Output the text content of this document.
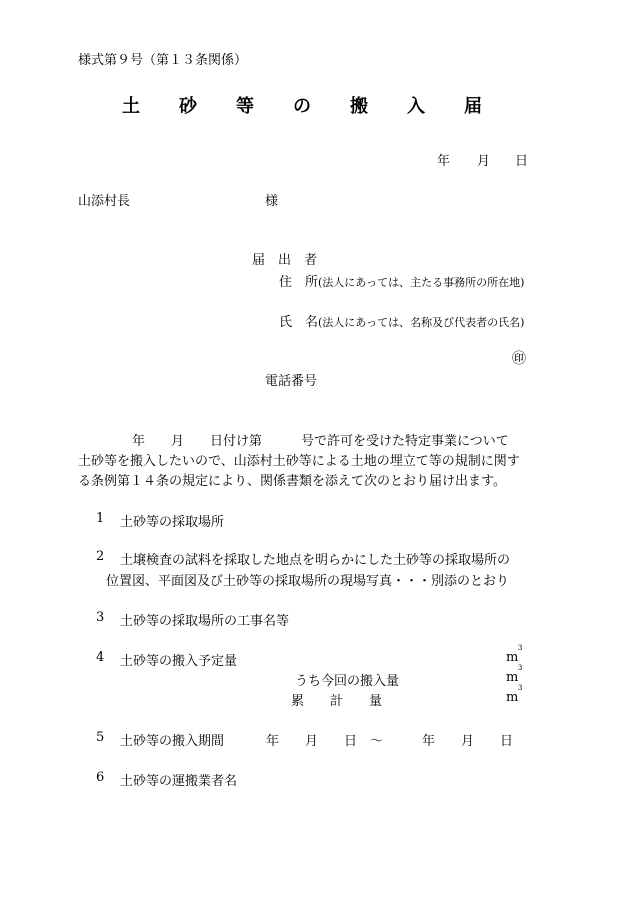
様式第９号（第１３条関係）
土 砂 等 の 搬 入 届
年 月 日
山添村長	様
届　出　者
住　所 (法人にあっては、主たる事務所の所在地)
氏　名 (法人にあっては、名称及び代表者の氏名)
㊞
電話番号
年　　月　　日付け第　　　号で許可を受けた特定事業について
土砂等を搬入したいので、山添村土砂等による土地の埋立て等の規制に関す
る条例第１４条の規定により、関係書類を添えて次のとおり届け出ます。
1 土砂等の採取場所
2 土壌検査の試料を採取した地点を明らかにした土砂等の採取場所の
位置図、平面図及び土砂等の採取場所の現場写真・・・別添のとおり
3 土砂等の採取場所の工事名等
4 土砂等の搬入予定量	m
3
うち今回の搬入量	m
3
累　　計　　量	m
3
5 土砂等の搬入期間	年　　月　　日　～　　　年　　月　　日
6 土砂等の運搬業者名
